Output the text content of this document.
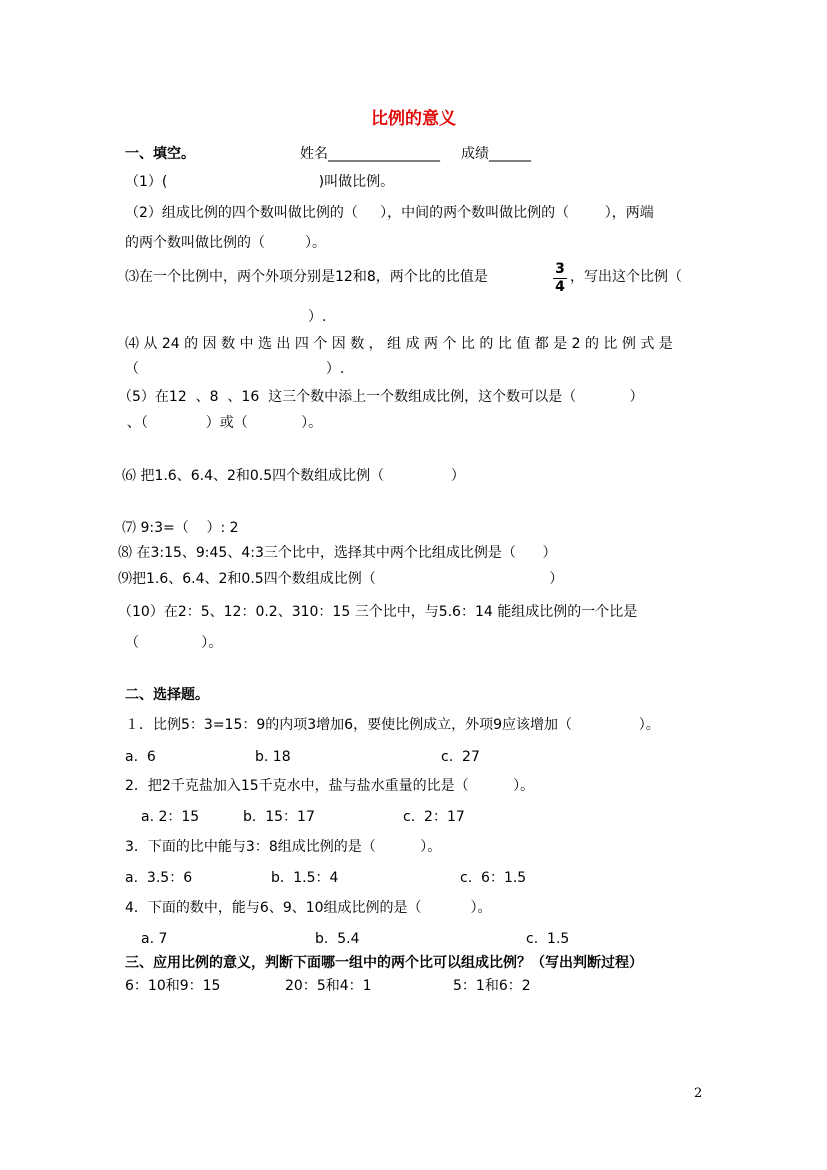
比例的意义
一、填空。	姓名________________ 成绩______
（1）(                                  )叫做比例。
（2）组成比例的四个数叫做比例的（     ），中间的两个数叫做比例的（        ），两端
的两个数叫做比例的（         ）。
⑶在一个比例中，两个外项分别是12和8，两个比的比值是	3
4
，写出这个比例（
）.
⑷ 从 24 的 因 数 中 选 出 四 个 因 数 ， 组 成 两 个 比 的 比 值 都 是 2 的 比 例 式 是
（                                          ）.
（5）在12  、8  、16  这三个数中添上一个数组成比例，这个数可以是（            ）
、（             ）或（            ）。
⑹ 把1.6、6.4、2和0.5四个数组成比例（               ）
⑺ 9:3=（    ）: 2
⑻ 在3:15、9:45、4:3三个比中，选择其中两个比组成比例是（      ）
⑼把1.6、6.4、2和0.5四个数组成比例（                                       ）
（10）在2：5、12：0.2、310：15 三个比中，与5.6：14 能组成比例的一个比是
（              ）。
二、选择题。
１．比例5：3=15：9的内项3增加6，要使比例成立，外项9应该增加（               ）。
a.  6	b. 18	c.  27
2．把2千克盐加入15千克水中，盐与盐水重量的比是（          ）。
a. 2：15	b.  15：17	c.  2：17
3．下面的比中能与3：8组成比例的是（          ）。
a.  3.5：6	b.  1.5：4	c.  6：1.5
4．下面的数中，能与6、9、10组成比例的是（           ）。
a. 7	b.  5.4	c.  1.5
三、应用比例的意义，判断下面哪一组中的两个比可以组成比例？（写出判断过程）
6：10和9：15	20：5和4：1	5：1和6：2
2
